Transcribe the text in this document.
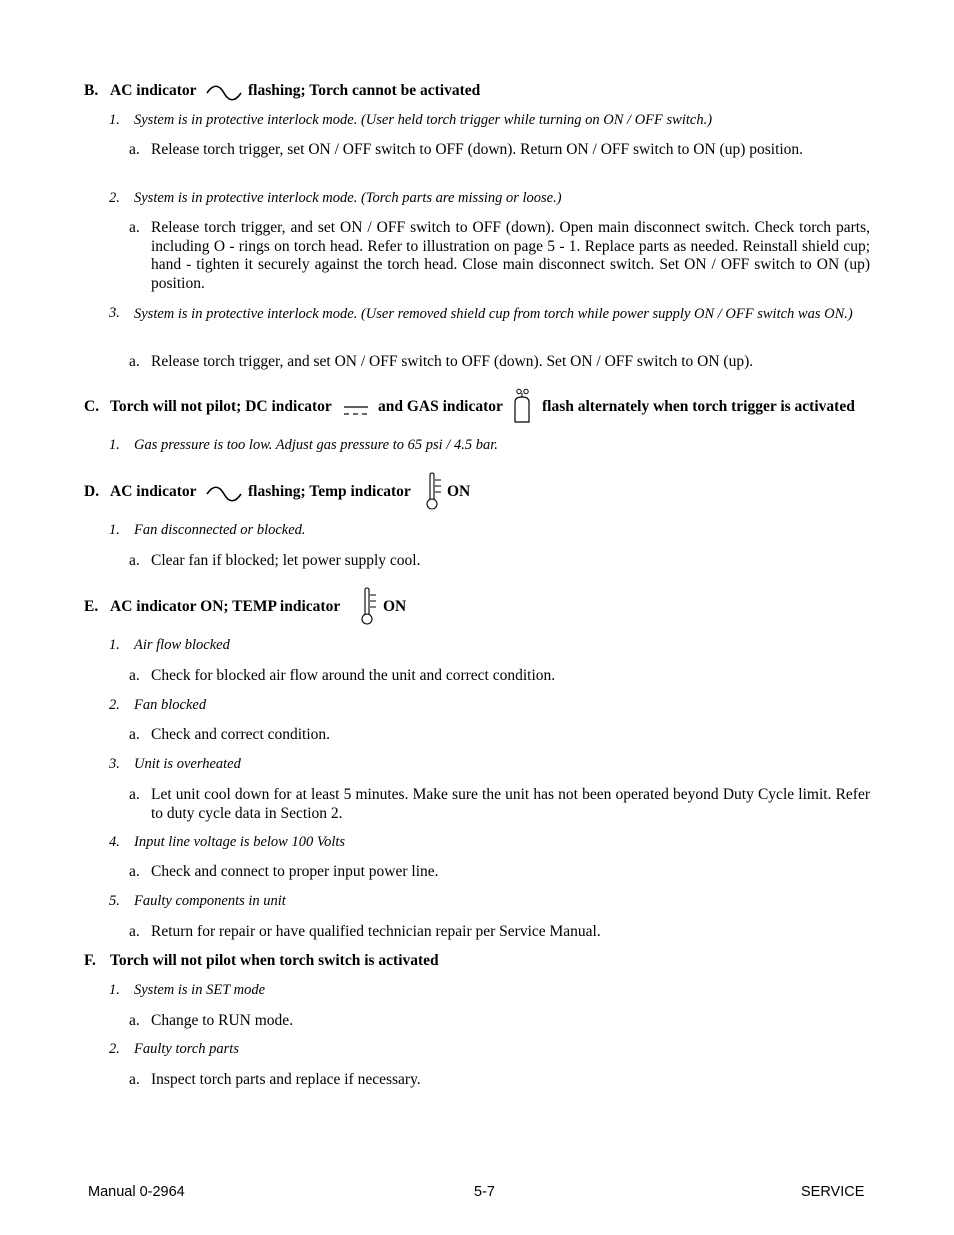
B. AC indicator	flashing; Torch cannot be activated
1. System is in protective interlock mode. (User held torch trigger while turning on ON / OFF switch.)
a. Release torch trigger, set ON / OFF switch to OFF (down). Return ON / OFF switch to ON (up) position.
2. System is in protective interlock mode. (Torch parts are missing or loose.)
a. Release torch trigger, and set ON / OFF switch to OFF (down). Open main disconnect switch. Check torch parts, including O - rings on torch head. Refer to illustration on page 5 - 1. Replace parts as needed. Reinstall shield cup; hand - tighten it securely against the torch head. Close main disconnect switch. Set ON / OFF switch to ON (up) position.
3. System is in protective interlock mode. (User removed shield cup from torch while power supply ON / OFF switch was ON.)
a. Release torch trigger, and set ON / OFF switch to OFF (down). Set ON / OFF switch to ON (up).
C. Torch will not pilot; DC indicator	and GAS indicator	flash alternately when torch trigger is activated
1. Gas pressure is too low. Adjust gas pressure to 65 psi / 4.5 bar.
D. AC indicator	flashing; Temp indicator ON
1. Fan disconnected or blocked.
a. Clear fan if blocked; let power supply cool.
E. AC indicator ON; TEMP indicator	ON
1. Air flow blocked
a. Check for blocked air flow around the unit and correct condition.
2. Fan blocked
a. Check and correct condition.
3. Unit is overheated
a. Let unit cool down for at least 5 minutes. Make sure the unit has not been operated beyond Duty Cycle limit. Refer to duty cycle data in Section 2.
4. Input line voltage is below 100 Volts
a. Check and connect to proper input power line.
5. Faulty components in unit
a. Return for repair or have qualified technician repair per Service Manual.
F. Torch will not pilot when torch switch is activated
1. System is in SET mode
a. Change to RUN mode.
2. Faulty torch parts
a. Inspect torch parts and replace if necessary.
Manual 0-2964	5-7	SERVICE
